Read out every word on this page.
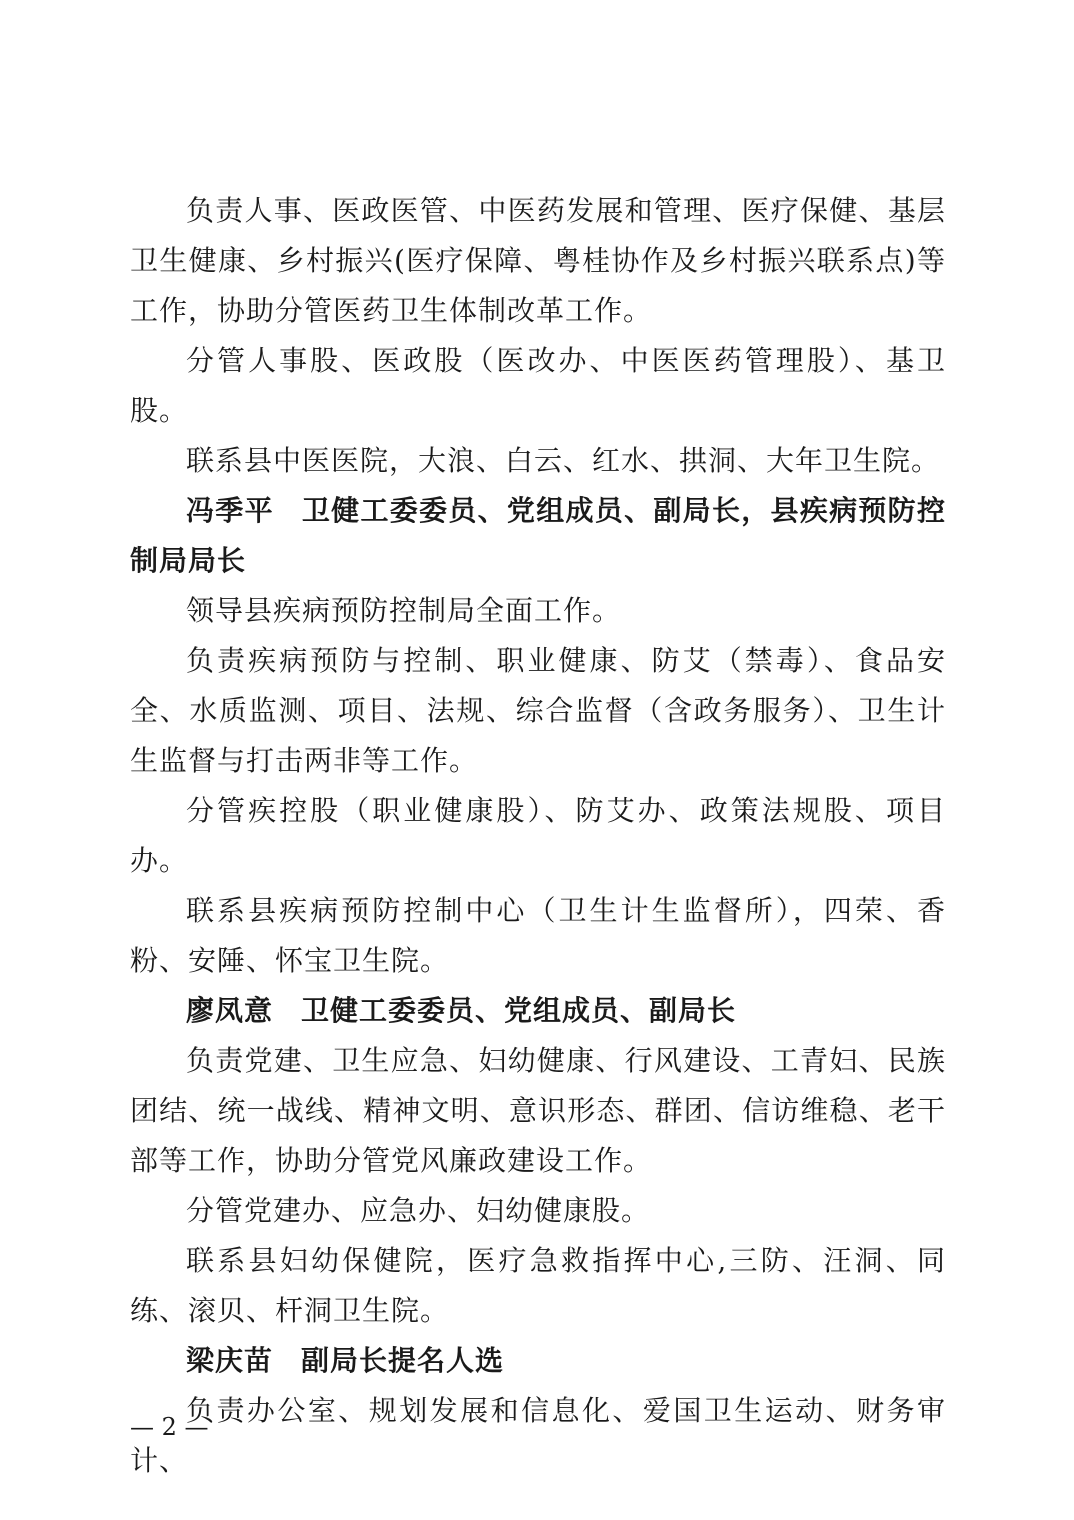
负责人事、医政医管、中医药发展和管理、医疗保健、基层卫生健康、乡村振兴(医疗保障、粤桂协作及乡村振兴联系点)等工作，协助分管医药卫生体制改革工作。

分管人事股、医政股（医改办、中医医药管理股）、基卫股。

联系县中医医院，大浪、白云、红水、拱洞、大年卫生院。

冯季平 卫健工委委员、党组成员、副局长，县疾病预防控制局局长

领导县疾病预防控制局全面工作。

负责疾病预防与控制、职业健康、防艾（禁毒）、食品安全、水质监测、项目、法规、综合监督（含政务服务）、卫生计生监督与打击两非等工作。

分管疾控股（职业健康股）、防艾办、政策法规股、项目办。

联系县疾病预防控制中心（卫生计生监督所），四荣、香粉、安陲、怀宝卫生院。

廖凤意 卫健工委委员、党组成员、副局长

负责党建、卫生应急、妇幼健康、行风建设、工青妇、民族团结、统一战线、精神文明、意识形态、群团、信访维稳、老干部等工作，协助分管党风廉政建设工作。

分管党建办、应急办、妇幼健康股。

联系县妇幼保健院，医疗急救指挥中心,三防、汪洞、同练、滚贝、杆洞卫生院。

梁庆苗 副局长提名人选

负责办公室、规划发展和信息化、爱国卫生运动、财务审计、

— 2 —
